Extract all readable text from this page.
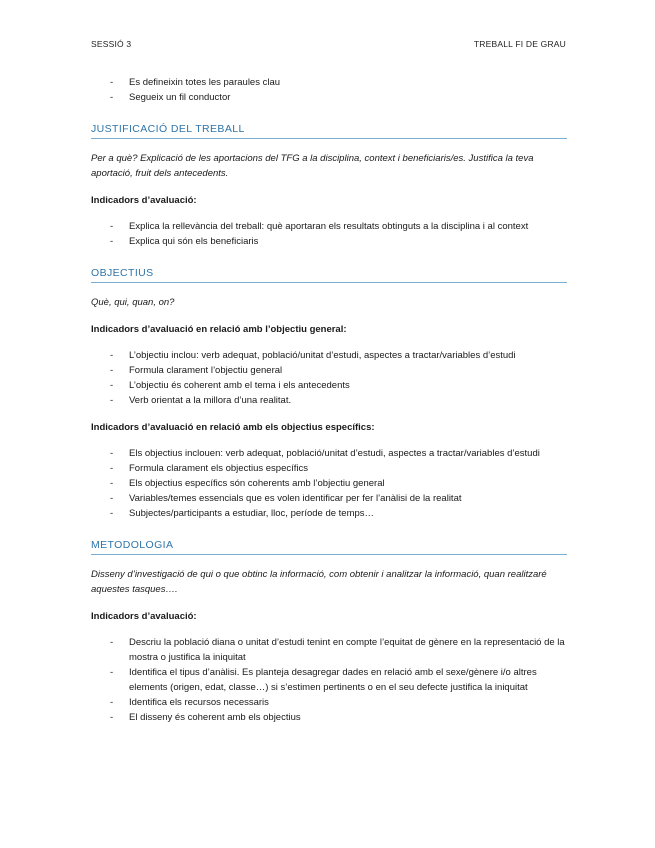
SESSIÓ 3	TREBALL FI DE GRAU
- Es defineixin totes les paraules clau
- Segueix un fil conductor
JUSTIFICACIÓ DEL TREBALL

Per a què? Explicació de les aportacions del TFG a la disciplina, context i beneficiaris/es. Justifica la teva aportació, fruit dels antecedents.

Indicadors d’avaluació:

- Explica la rellevància del treball: què aportaran els resultats obtinguts a la disciplina i al context
- Explica qui són els beneficiaris
OBJECTIUS

Què, qui, quan, on?

Indicadors d’avaluació en relació amb l’objectiu general:

- L’objectiu inclou: verb adequat, població/unitat d’estudi, aspectes a tractar/variables d’estudi
- Formula clarament l’objectiu general
- L’objectiu és coherent amb el tema i els antecedents
- Verb orientat a la millora d’una realitat.

Indicadors d’avaluació en relació amb els objectius específics:

- Els objectius inclouen: verb adequat, població/unitat d’estudi, aspectes a tractar/variables d’estudi
- Formula clarament els objectius específics
- Els objectius específics són coherents amb l’objectiu general
- Variables/temes essencials que es volen identificar per fer l’anàlisi de la realitat
- Subjectes/participants a estudiar, lloc, període de temps…
METODOLOGIA

Disseny d’investigació de qui o que obtinc la informació, com obtenir i analitzar la informació, quan realitzaré aquestes tasques….

Indicadors d’avaluació:

- Descriu la població diana o unitat d’estudi tenint en compte l’equitat de gènere en la representació de la mostra o justifica la iniquitat
- Identifica el tipus d’anàlisi. Es planteja desagregar dades en relació amb el sexe/gènere i/o altres elements (origen, edat, classe…) si s’estimen pertinents o en el seu defecte justifica la iniquitat
- Identifica els recursos necessaris
- El disseny és coherent amb els objectius
